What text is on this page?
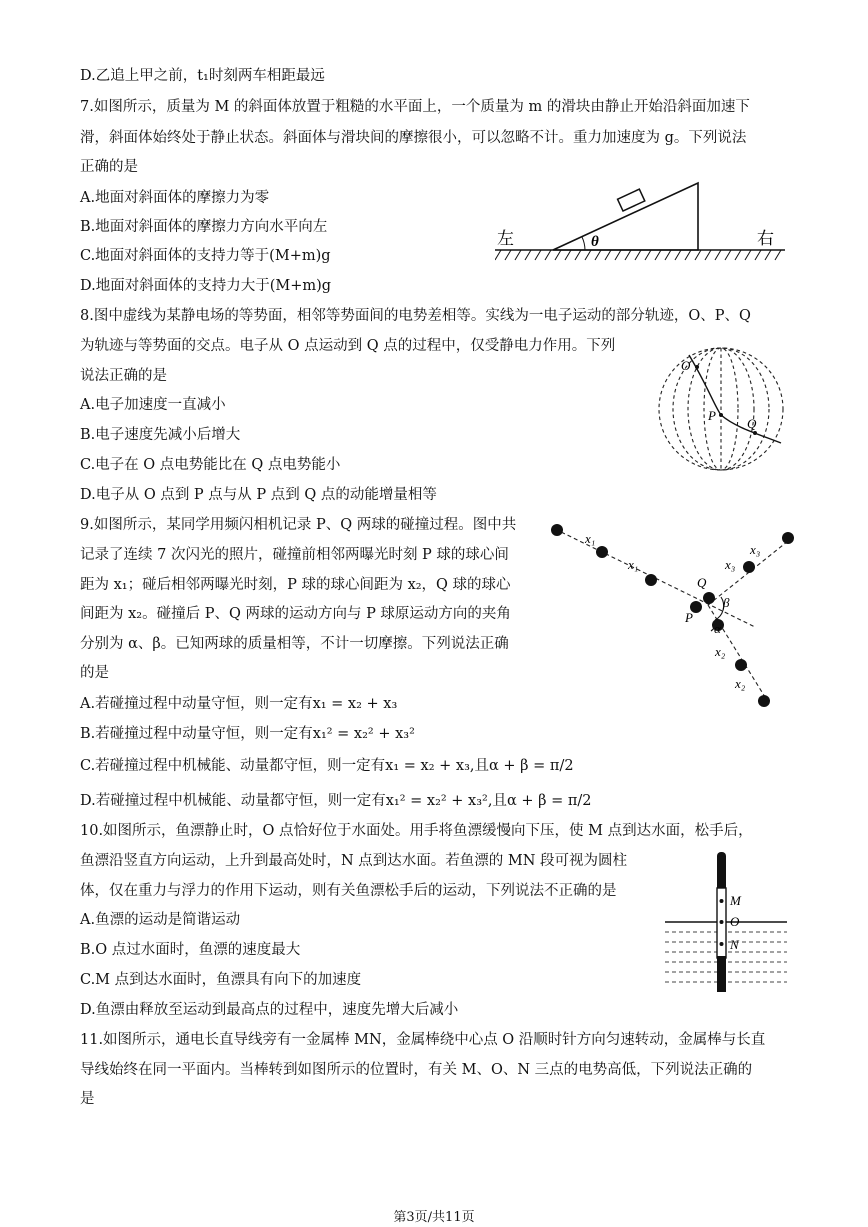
D.乙追上甲之前，t₁时刻两车相距最远
7.如图所示，质量为 M 的斜面体放置于粗糙的水平面上，一个质量为 m 的滑块由静止开始沿斜面加速下
滑，斜面体始终处于静止状态。斜面体与滑块间的摩擦很小，可以忽略不计。重力加速度为 g。下列说法
正确的是
A.地面对斜面体的摩擦力为零
B.地面对斜面体的摩擦力方向水平向左
C.地面对斜面体的支持力等于(M+m)g
D.地面对斜面体的支持力大于(M+m)g
8.图中虚线为某静电场的等势面，相邻等势面间的电势差相等。实线为一电子运动的部分轨迹，O、P、Q
为轨迹与等势面的交点。电子从 O 点运动到 Q 点的过程中，仅受静电力作用。下列
说法正确的是
A.电子加速度一直减小
B.电子速度先减小后增大
C.电子在 O 点电势能比在 Q 点电势能小
D.电子从 O 点到 P 点与从 P 点到 Q 点的动能增量相等
9.如图所示，某同学用频闪相机记录 P、Q 两球的碰撞过程。图中共
记录了连续 7 次闪光的照片，碰撞前相邻两曝光时刻 P 球的球心间
距为 x₁；碰后相邻两曝光时刻，P 球的球心间距为 x₂，Q 球的球心
间距为 x₂。碰撞后 P、Q 两球的运动方向与 P 球原运动方向的夹角
分别为 α、β。已知两球的质量相等，不计一切摩擦。下列说法正确
的是
A.若碰撞过程中动量守恒，则一定有x₁ = x₂ + x₃
B.若碰撞过程中动量守恒，则一定有x₁² = x₂² + x₃²
C.若碰撞过程中机械能、动量都守恒，则一定有x₁ = x₂ + x₃,且α + β = π/2
D.若碰撞过程中机械能、动量都守恒，则一定有x₁² = x₂² + x₃²,且α + β = π/2
10.如图所示，鱼漂静止时，O 点恰好位于水面处。用手将鱼漂缓慢向下压，使 M 点到达水面，松手后，
鱼漂沿竖直方向运动，上升到最高处时，N 点到达水面。若鱼漂的 MN 段可视为圆柱
体，仅在重力与浮力的作用下运动，则有关鱼漂松手后的运动，下列说法不正确的是
A.鱼漂的运动是简谐运动
B.O 点过水面时，鱼漂的速度最大
C.M 点到达水面时，鱼漂具有向下的加速度
D.鱼漂由释放至运动到最高点的过程中，速度先增大后减小
11.如图所示，通电长直导线旁有一金属棒 MN，金属棒绕中心点 O 沿顺时针方向匀速转动，金属棒与长直
导线始终在同一平面内。当棒转到如图所示的位置时，有关 M、O、N 三点的电势高低，下列说法正确的
是
θ
左	右
O
P
Q
x₁
x₁
x₃
x₃
x₂
x₂
Q
P
β
α
M
O
N
第3页/共11页
